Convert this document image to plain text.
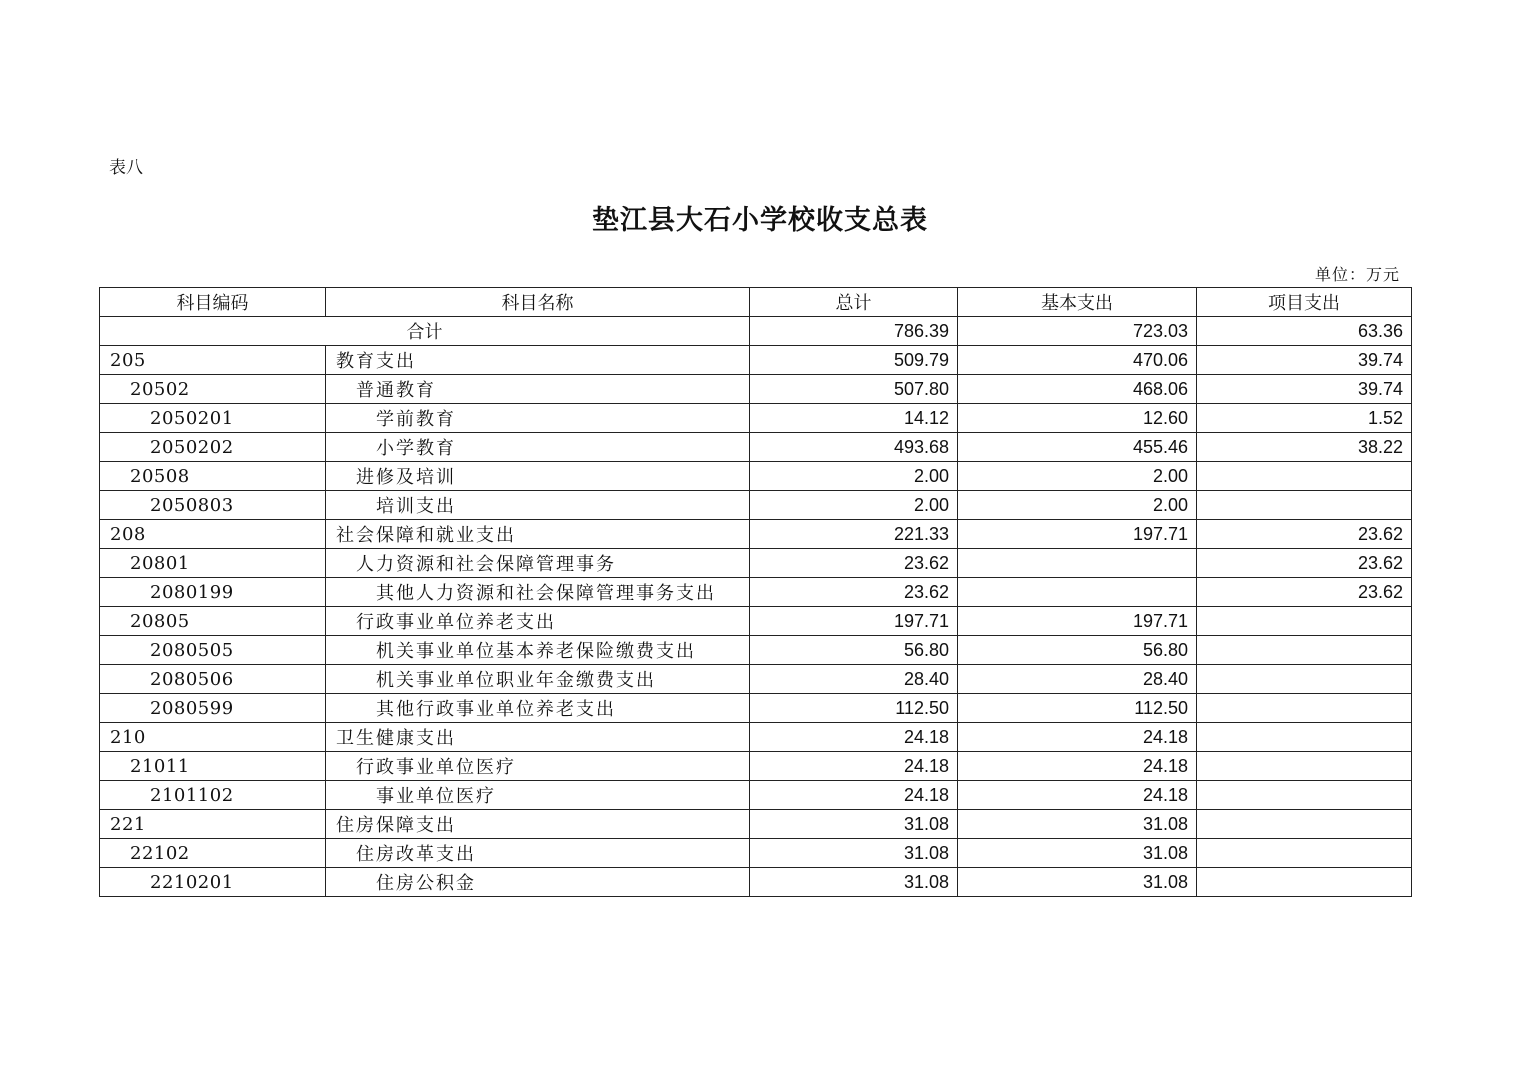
表八
垫江县大石小学校收支总表
单位：万元
科目编码	科目名称	总计	基本支出	项目支出
合计		786.39	723.03	63.36
205	教育支出	509.79	470.06	39.74
20502	普通教育	507.80	468.06	39.74
2050201	学前教育	14.12	12.60	1.52
2050202	小学教育	493.68	455.46	38.22
20508	进修及培训	2.00	2.00	
2050803	培训支出	2.00	2.00	
208	社会保障和就业支出	221.33	197.71	23.62
20801	人力资源和社会保障管理事务	23.62		23.62
2080199	其他人力资源和社会保障管理事务支出	23.62		23.62
20805	行政事业单位养老支出	197.71	197.71	
2080505	机关事业单位基本养老保险缴费支出	56.80	56.80	
2080506	机关事业单位职业年金缴费支出	28.40	28.40	
2080599	其他行政事业单位养老支出	112.50	112.50	
210	卫生健康支出	24.18	24.18	
21011	行政事业单位医疗	24.18	24.18	
2101102	事业单位医疗	24.18	24.18	
221	住房保障支出	31.08	31.08	
22102	住房改革支出	31.08	31.08	
2210201	住房公积金	31.08	31.08	
